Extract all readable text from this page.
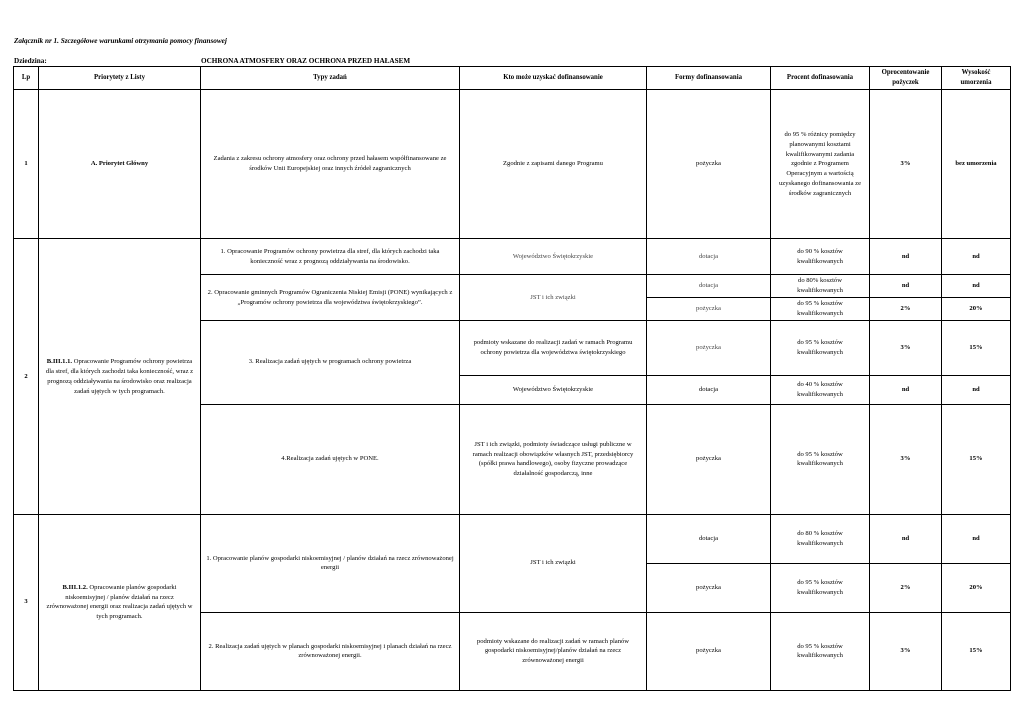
Załącznik nr 1. Szczegółowe warunkami otrzymania pomocy finansowej
Dziedzina:	OCHRONA ATMOSFERY ORAZ OCHRONA PRZED HAŁASEM
Lp	Priorytety z Listy	Typy zadań	Kto może uzyskać dofinansowanie	Formy dofinansowania	Procent dofinasowania	Oprocentowanie pożyczek	Wysokość umorzenia
1	A. Priorytet Główny	Zadania z zakresu ochrony atmosfery oraz ochrony przed hałasem współfinansowane ze środków Unii Europejskiej oraz innych źródeł zagranicznych	Zgodnie z zapisami danego Programu	pożyczka	do 95 % różnicy pomiędzy planowanymi kosztami kwalifikowanymi zadania zgodnie z Programem Operacyjnym a wartością uzyskanego dofinansowania ze środków zagranicznych	3%	bez umorzenia
2	B.III.1.1. Opracowanie Programów ochrony powietrza dla stref, dla których zachodzi taka konieczność, wraz z prognozą oddziaływania na środowisko oraz realizacja zadań ujętych w tych programach.	1. Opracowanie Programów ochrony powietrza dla stref, dla których zachodzi taka konieczność wraz z prognozą oddziaływania na środowisko.	Województwo Świętokrzyskie	dotacja	do 90 % kosztów kwalifikowanych	nd	nd
		2. Opracowanie gminnych Programów Ograniczenia Niskiej Emisji (PONE) wynikających z „Programów ochrony powietrza dla województwa świętokrzyskiego”.	JST i ich związki	dotacja	do 80% kosztów kwalifikowanych	nd	nd
				pożyczka	do 95 % kosztów kwalifikowanych	2%	20%
		3. Realizacja zadań ujętych w programach ochrony powietrza	podmioty wskazane do realizacji zadań w ramach Programu ochrony powietrza dla województwa świętokrzyskiego	pożyczka	do 95 % kosztów kwalifikowanych	3%	15%
			Województwo Świętokrzyskie	dotacja	do 40 % kosztów kwalifikowanych	nd	nd
		4.Realizacja zadań ujętych w PONE.	JST i ich związki, podmioty świadczące usługi publiczne w ramach realizacji obowiązków własnych JST, przedsiębiorcy (spółki prawa handlowego), osoby fizyczne prowadzące działalność gospodarczą, inne	pożyczka	do 95 % kosztów kwalifikowanych	3%	15%

3	B.III.1.2. Opracowanie planów gospodarki niskoemisyjnej / planów działań na rzecz zrównoważonej energii oraz realizacja zadań ujętych w tych programach.	1. Opracowanie planów gospodarki niskoemisyjnej / planów działań na rzecz zrównoważonej energii	JST i ich związki	dotacja	do 80 % kosztów kwalifikowanych	nd	nd
				pożyczka	do 95 % kosztów kwalifikowanych	2%	20%
		2. Realizacja zadań ujętych w planach gospodarki niskoemisyjnej i planach działań na rzecz zrównoważonej energii.	podmioty wskazane do realizacji zadań w ramach planów gospodarki niskoemisyjnej/planów działań na rzecz zrównoważonej energii	pożyczka	do 95 % kosztów kwalifikowanych	3%	15%
